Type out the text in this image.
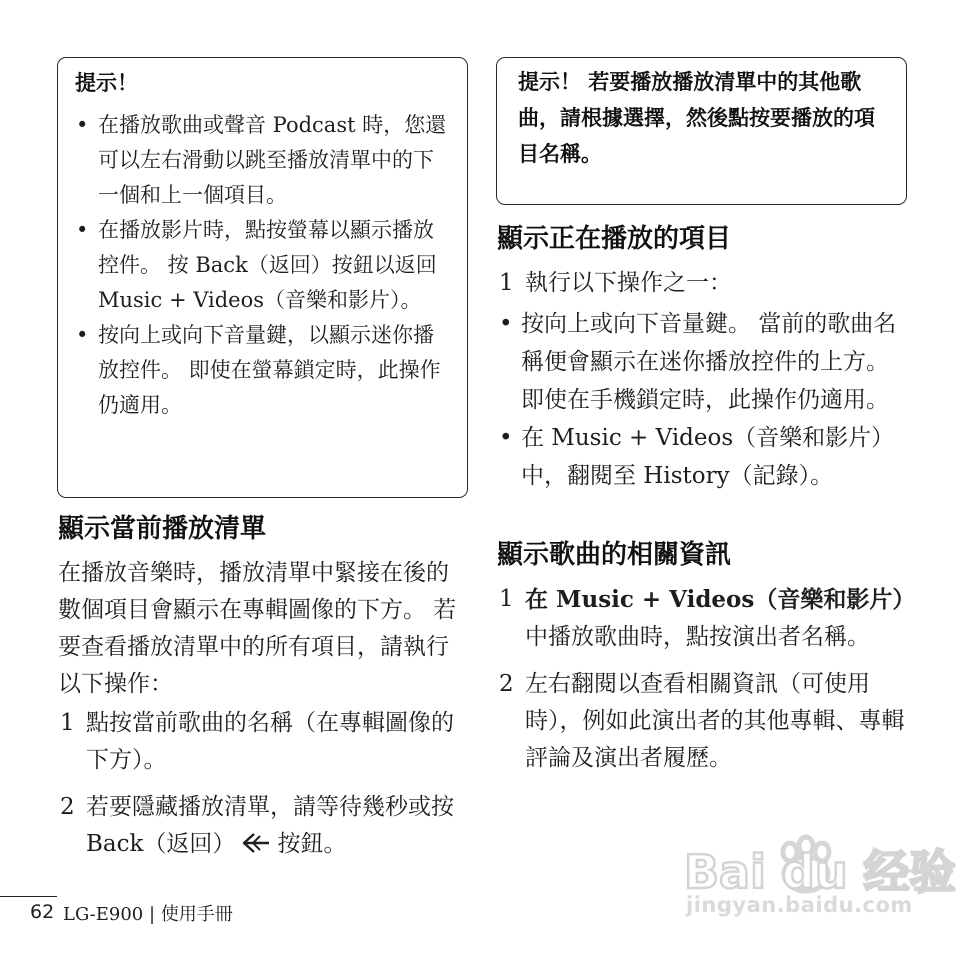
提示！
• 在播放歌曲或聲音 Podcast 時，您還可以左右滑動以跳至播放清單中的下一個和上一個項目。
• 在播放影片時，點按螢幕以顯示播放控件。 按 Back（返回）按鈕以返回 Music + Videos（音樂和影片）。
• 按向上或向下音量鍵，以顯示迷你播放控件。 即使在螢幕鎖定時，此操作仍適用。
顯示當前播放清單

在播放音樂時，播放清單中緊接在後的數個項目會顯示在專輯圖像的下方。 若要查看播放清單中的所有項目，請執行以下操作：

1 點按當前歌曲的名稱（在專輯圖像的下方）。
2 若要隱藏播放清單，請等待幾秒或按 Back（返回） 按鈕。
提示！ 若要播放播放清單中的其他歌曲，請根據選擇，然後點按要播放的項目名稱。
顯示正在播放的項目
1 執行以下操作之一：
• 按向上或向下音量鍵。 當前的歌曲名稱便會顯示在迷你播放控件的上方。 即使在手機鎖定時，此操作仍適用。
• 在 Music + Videos（音樂和影片）中，翻閱至 History（記錄）。
顯示歌曲的相關資訊
1 在 Music + Videos（音樂和影片）中播放歌曲時，點按演出者名稱。
2 左右翻閱以查看相關資訊（可使用時），例如此演出者的其他專輯、專輯評論及演出者履歷。
62 LG-E900 | 使用手冊
Bai du 经验
jingyan.baidu.com
